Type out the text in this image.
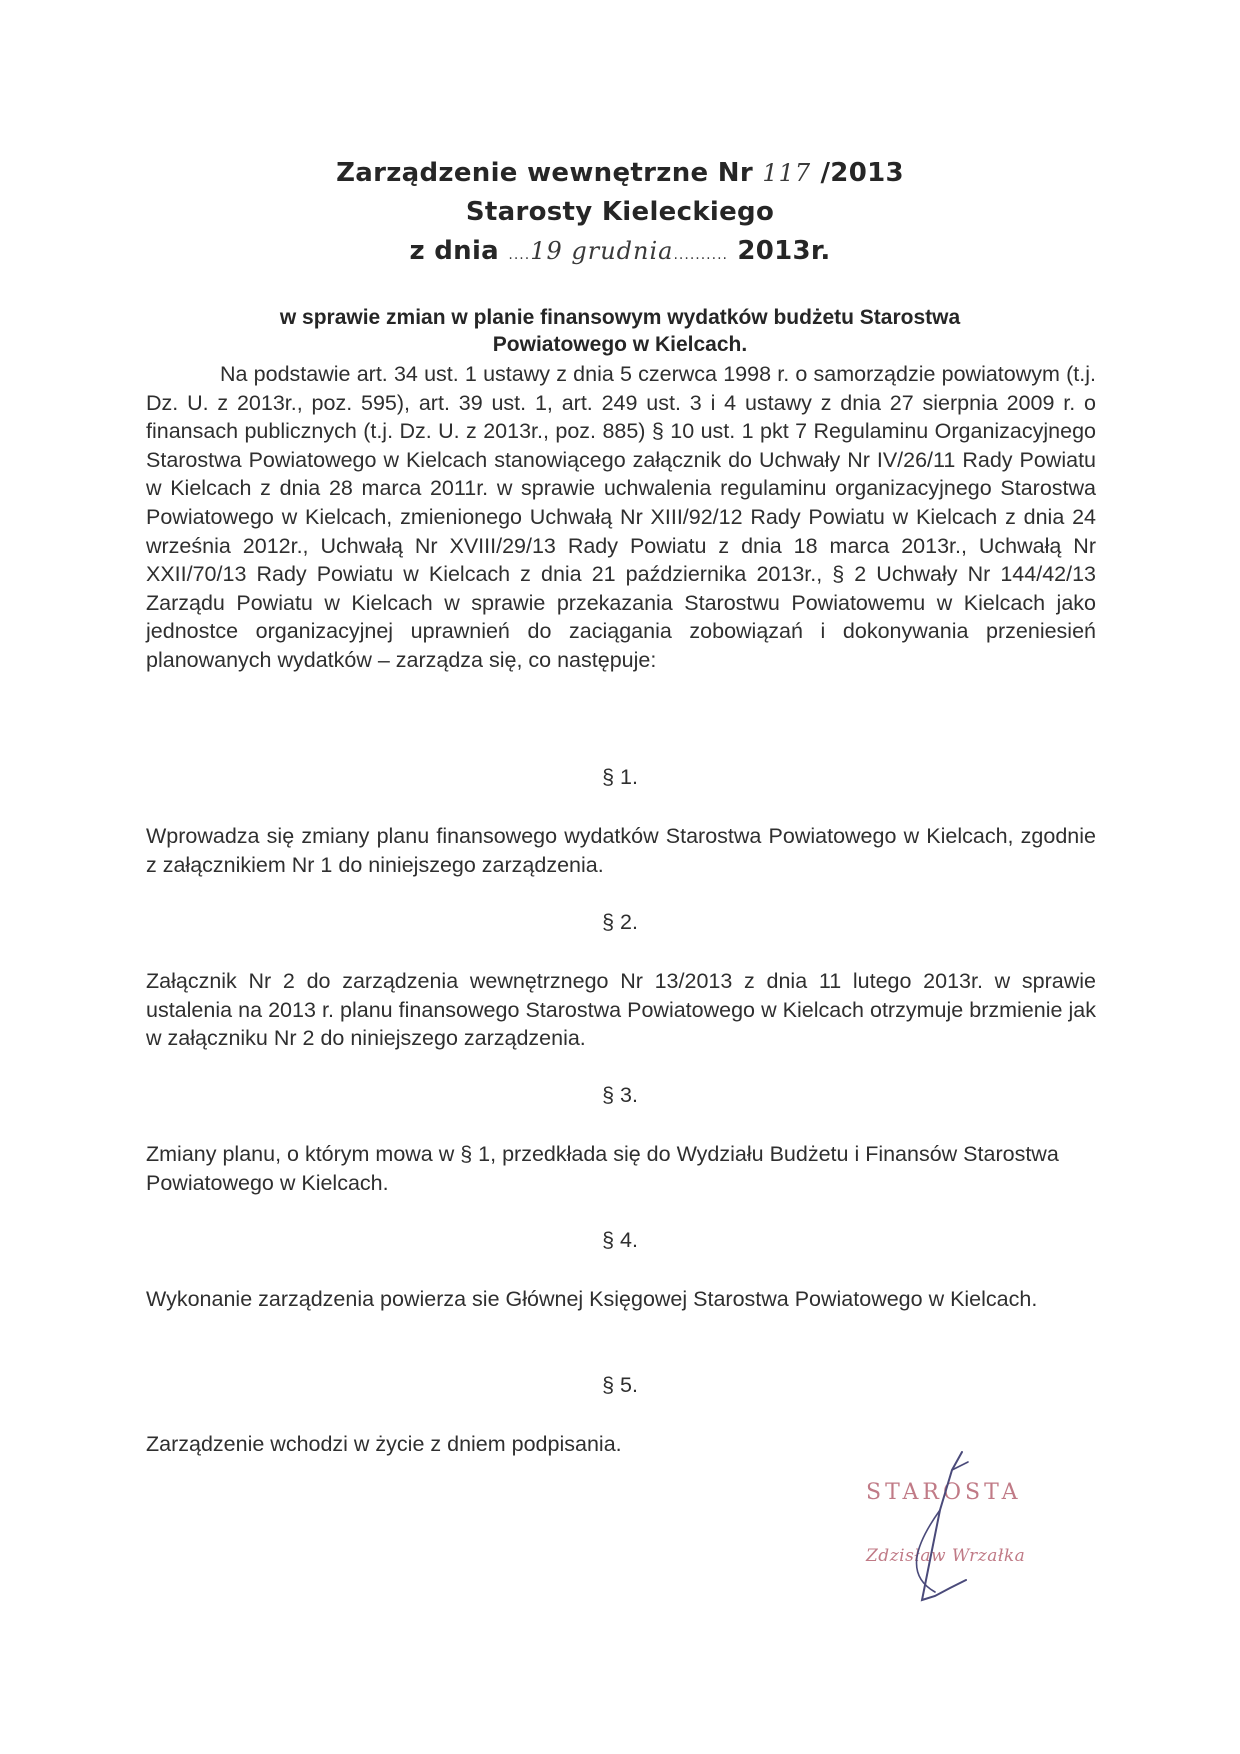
Zarządzenie wewnętrzne Nr 117 /2013
Starosty Kieleckiego
z dnia ....19 grudnia.......... 2013r.
w sprawie zmian w planie finansowym wydatków budżetu Starostwa
Powiatowego w Kielcach.
Na podstawie art. 34 ust. 1 ustawy z dnia 5 czerwca 1998 r. o samorządzie powiatowym (t.j. Dz. U. z 2013r., poz. 595), art. 39 ust. 1, art. 249 ust. 3 i 4 ustawy z dnia 27 sierpnia 2009 r. o finansach publicznych (t.j. Dz. U. z 2013r., poz. 885) § 10 ust. 1 pkt 7 Regulaminu Organizacyjnego Starostwa Powiatowego w Kielcach stanowiącego załącznik do Uchwały Nr IV/26/11 Rady Powiatu w Kielcach z dnia 28 marca 2011r. w sprawie uchwalenia regulaminu organizacyjnego Starostwa Powiatowego w Kielcach, zmienionego Uchwałą Nr XIII/92/12 Rady Powiatu w Kielcach z dnia 24 września 2012r., Uchwałą Nr XVIII/29/13 Rady Powiatu z dnia 18 marca 2013r., Uchwałą Nr XXII/70/13 Rady Powiatu w Kielcach z dnia 21 października 2013r., § 2 Uchwały Nr 144/42/13 Zarządu Powiatu w Kielcach w sprawie przekazania Starostwu Powiatowemu w Kielcach jako jednostce organizacyjnej uprawnień do zaciągania zobowiązań i dokonywania przeniesień planowanych wydatków – zarządza się, co następuje:
§ 1.
Wprowadza się zmiany planu finansowego wydatków Starostwa Powiatowego w Kielcach, zgodnie z załącznikiem Nr 1 do niniejszego zarządzenia.
§ 2.
Załącznik Nr 2 do zarządzenia wewnętrznego Nr 13/2013 z dnia 11 lutego 2013r. w sprawie ustalenia na 2013 r. planu finansowego Starostwa Powiatowego w Kielcach otrzymuje brzmienie jak w załączniku Nr 2 do niniejszego zarządzenia.
§ 3.
Zmiany planu, o którym mowa w § 1, przedkłada się do Wydziału Budżetu i Finansów Starostwa Powiatowego w Kielcach.
§ 4.
Wykonanie zarządzenia powierza sie Głównej Księgowej Starostwa Powiatowego w Kielcach.
§ 5.
Zarządzenie wchodzi w życie z dniem podpisania.
STAROSTA
Zdzisław Wrzałka
